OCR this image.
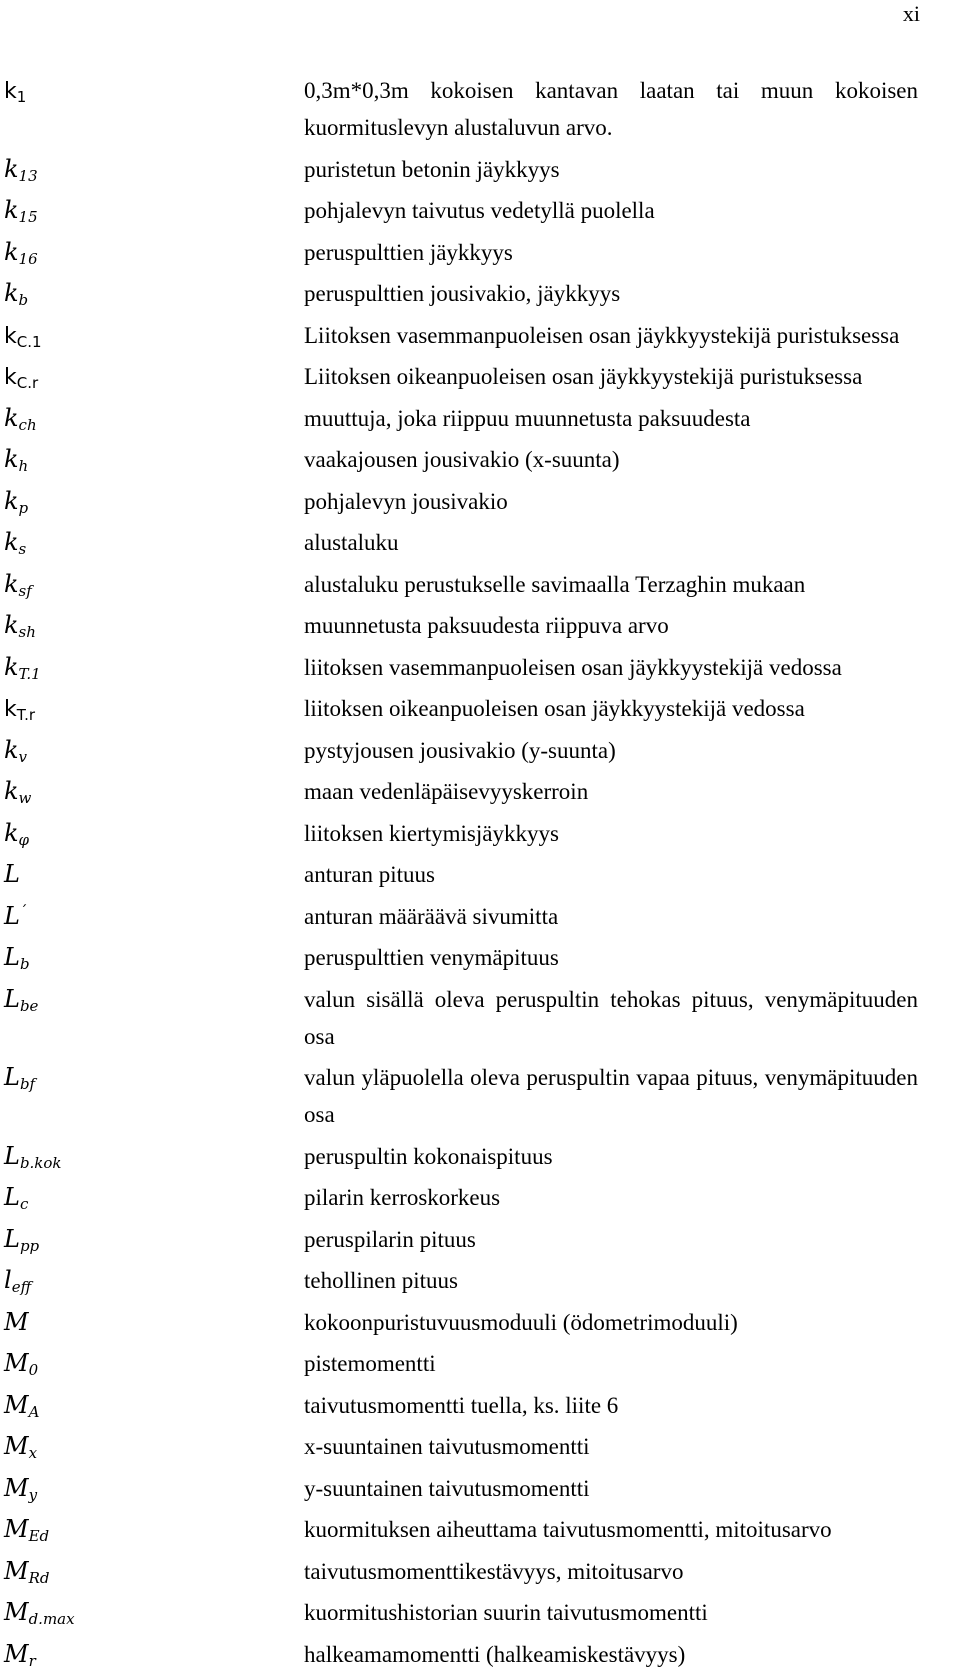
xi
$k_1$	0,3m*0,3m kokoisen kantavan laatan tai muun kokoisen kuormituslevyn alustaluvun arvo.
$k_{13}$	puristetun betonin jäykkyys
$k_{15}$	pohjalevyn taivutus vedetyllä puolella
$k_{16}$	peruspulttien jäykkyys
$k_b$	peruspulttien jousivakio, jäykkyys
$k_{C.1}$	Liitoksen vasemmanpuoleisen osan jäykkyystekijä puristuksessa
$k_{C.r}$	Liitoksen oikeanpuoleisen osan jäykkyystekijä puristuksessa
$k_{ch}$	muuttuja, joka riippuu muunnetusta paksuudesta
$k_h$	vaakajousen jousivakio (x-suunta)
$k_p$	pohjalevyn jousivakio
$k_s$	alustaluku
$k_{sf}$	alustaluku perustukselle savimaalla Terzaghin mukaan
$k_{sh}$	muunnetusta paksuudesta riippuva arvo
$k_{T.1}$	liitoksen vasemmanpuoleisen osan jäykkyystekijä vedossa
$k_{T.r}$	liitoksen oikeanpuoleisen osan jäykkyystekijä vedossa
$k_v$	pystyjousen jousivakio (y-suunta)
$k_w$	maan vedenläpäisevyyskerroin
$k_\varphi$	liitoksen kiertymisjäykkyys
L	anturan pituus
L´	anturan määräävä sivumitta
$L_b$	peruspulttien venymäpituus
$L_{be}$	valun sisällä oleva peruspultin tehokas pituus, venymäpituuden osa
$L_{bf}$	valun yläpuolella oleva peruspultin vapaa pituus, venymäpituuden osa
$L_{b.kok}$	peruspultin kokonaispituus
$L_c$	pilarin kerroskorkeus
$L_{pp}$	peruspilarin pituus
$l_{eff}$	tehollinen pituus
M	kokoonpuristuvuusmoduuli (ödometrimoduuli)
$M_0$	pistemomentti
$M_A$	taivutusmomentti tuella, ks. liite 6
$M_x$	x-suuntainen taivutusmomentti
$M_y$	y-suuntainen taivutusmomentti
$M_{Ed}$	kuormituksen aiheuttama taivutusmomentti, mitoitusarvo
$M_{Rd}$	taivutusmomenttikestävyys, mitoitusarvo
$M_{d.max}$	kuormitushistorian suurin taivutusmomentti
$M_r$	halkeamamomentti (halkeamiskestävyys)
